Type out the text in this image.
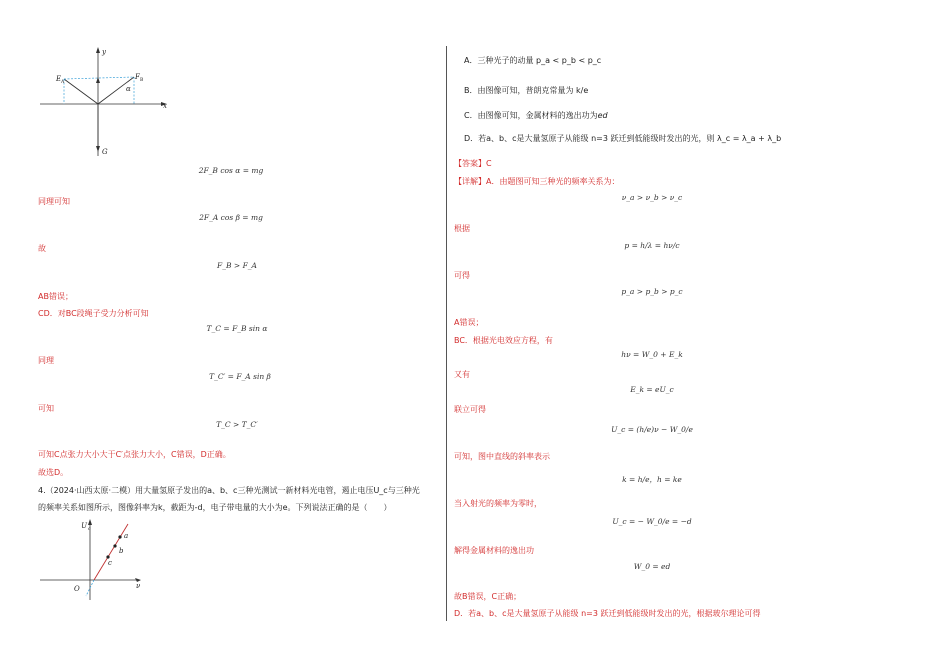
y
x
E A
F B
α
G
2F_B cos α = mg
同理可知
2F_A cos β = mg
故
F_B > F_A
AB错误；
CD．对BC段绳子受力分析可知
T_C = F_B sin α
同理
T_C′ = F_A sin β
可知
T_C > T_C′
可知C点张力大小大于C′点张力大小，C错误，D正确。
故选D。
4.（2024·山西太原·二模）用大量氢原子发出的a、b、c三种光测试一新材料光电管，遏止电压U_c与三种光
的频率关系如图所示，图像斜率为k，截距为-d，电子带电量的大小为e。下列说法正确的是（　　）
U c
a
b
c
O	ν
A．三种光子的动量 p_a < p_b < p_c
B．由图像可知，普朗克常量为 k/e
C．由图像可知，金属材料的逸出功为ed
D．若a、b、c是大量氢原子从能级 n=3 跃迁到低能级时发出的光，则 λ_c = λ_a + λ_b
【答案】C
【详解】A．由题图可知三种光的频率关系为：
ν_a > ν_b > ν_c
根据
p = h/λ = hν/c
可得
p_a > p_b > p_c
A错误；
BC．根据光电效应方程，有
hν = W_0 + E_k
又有
E_k = eU_c
联立可得
U_c = (h/e)ν − W_0/e
可知，图中直线的斜率表示
k = h/e，h = ke
当入射光的频率为零时，
U_c = − W_0/e = −d
解得金属材料的逸出功
W_0 = ed
故B错误，C正确；
D．若a、b、c是大量氢原子从能级 n=3 跃迁到低能级时发出的光，根据玻尔理论可得
